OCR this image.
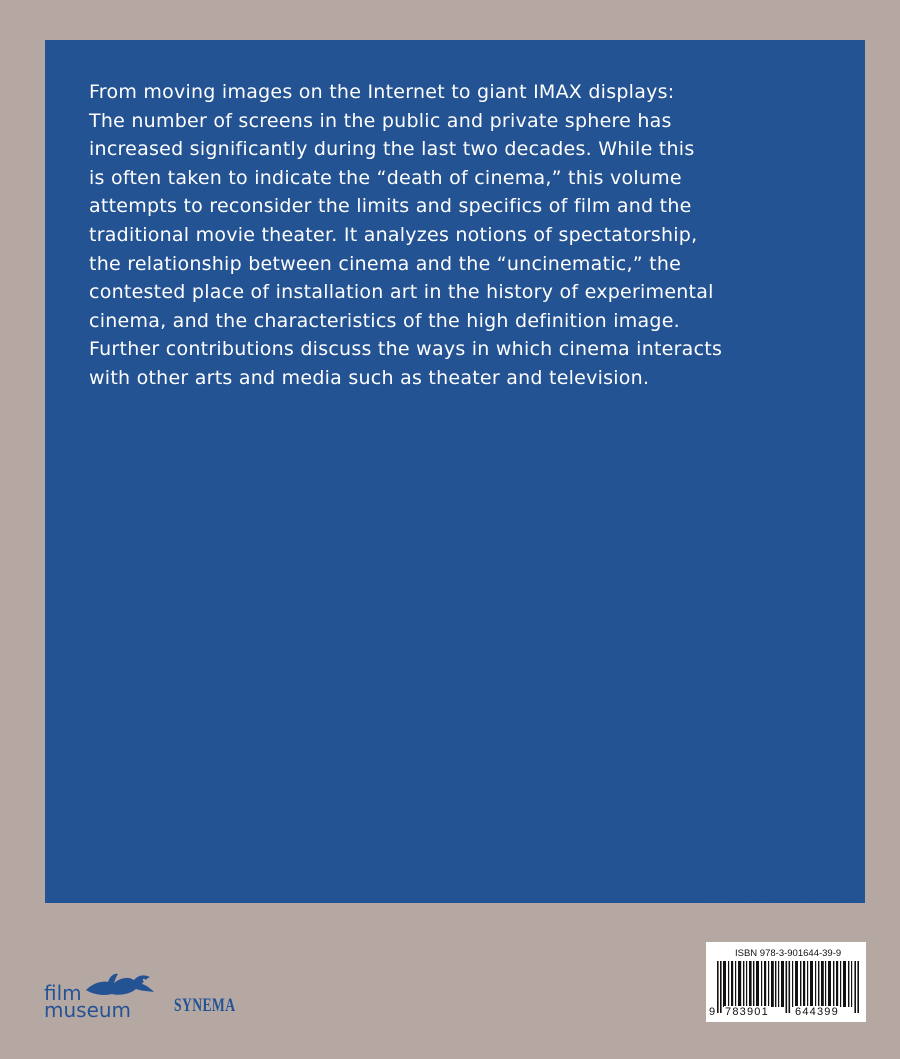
From moving images on the Internet to giant IMAX displays:
The number of screens in the public and private sphere has
increased significantly during the last two decades. While this
is often taken to indicate the “death of cinema,” this volume
attempts to reconsider the limits and specifics of film and the
traditional movie theater. It analyzes notions of spectatorship,
the relationship between cinema and the “uncinematic,” the
contested place of installation art in the history of experimental
cinema, and the characteristics of the high definition image.
Further contributions discuss the ways in which cinema interacts
with other arts and media such as theater and television.

FilmmuseumSynemaPublikationen
film
museum SYNEMA
ISBN 978-3-901644-39-9
9 783901 644399
